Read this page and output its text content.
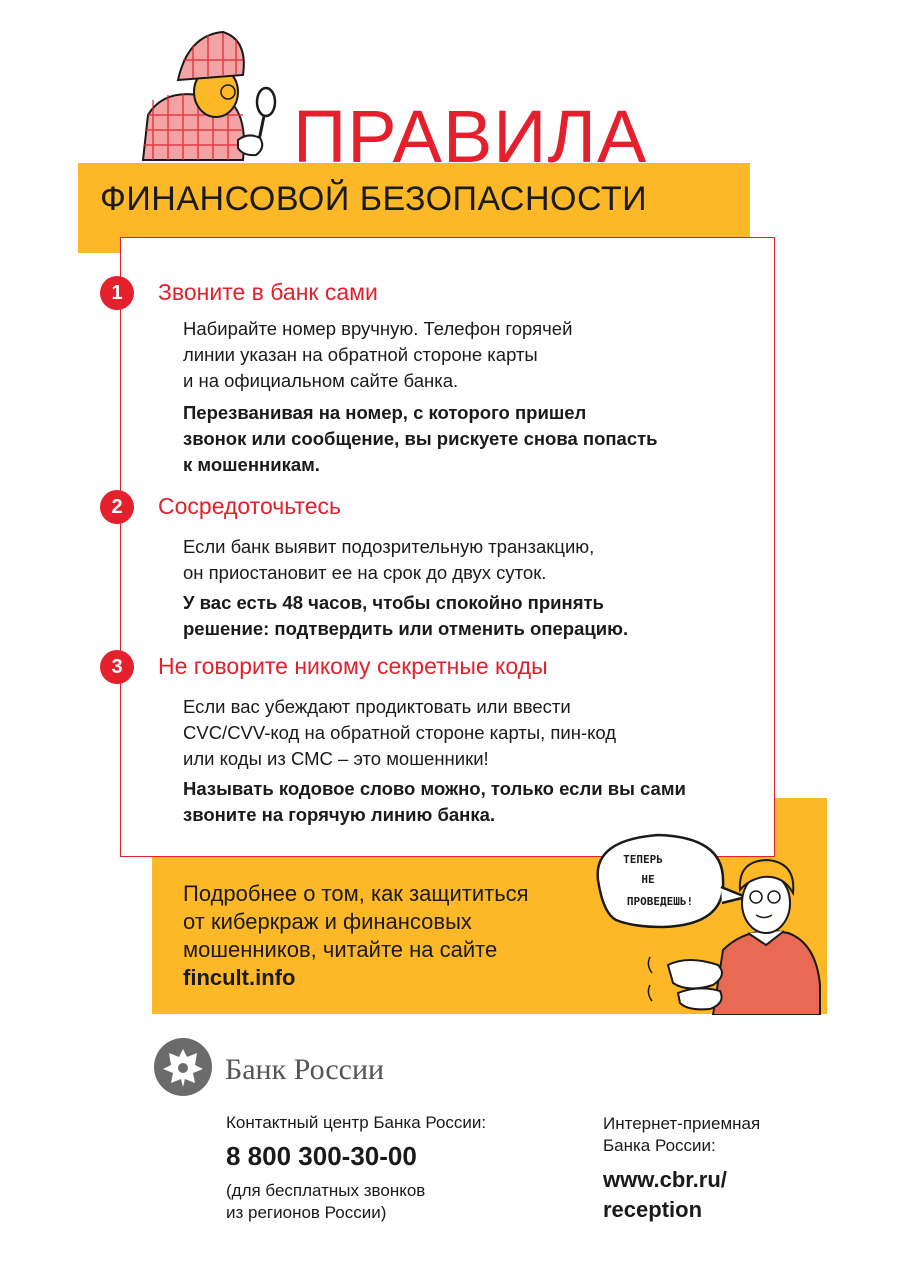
ПРАВИЛА
ФИНАНСОВОЙ БЕЗОПАСНОСТИ
1	Звоните в банк сами
Набирайте номер вручную. Телефон горячей
линии указан на обратной стороне карты
и на официальном сайте банка.
Перезванивая на номер, с которого пришел
звонок или сообщение, вы рискуете снова попасть
к мошенникам.
2	Сосредоточьтесь
Если банк выявит подозрительную транзакцию,
он приостановит ее на срок до двух суток.
У вас есть 48 часов, чтобы спокойно принять
решение: подтвердить или отменить операцию.
3	Не говорите никому секретные коды
Если вас убеждают продиктовать или ввести
CVC/CVV-код на обратной стороне карты, пин-код
или коды из СМС – это мошенники!
Называть кодовое слово можно, только если вы сами
звоните на горячую линию банка.
Подробнее о том, как защититься
от киберкраж и финансовых
мошенников, читайте на сайте
fincult.info
ТЕПЕРЬ
НЕ
ПРОВЕДЕШЬ!
Банк России
Контактный центр Банка России:
8 800 300-30-00
(для бесплатных звонков
из регионов России)
Интернет-приемная
Банка России:
www.cbr.ru/
reception
